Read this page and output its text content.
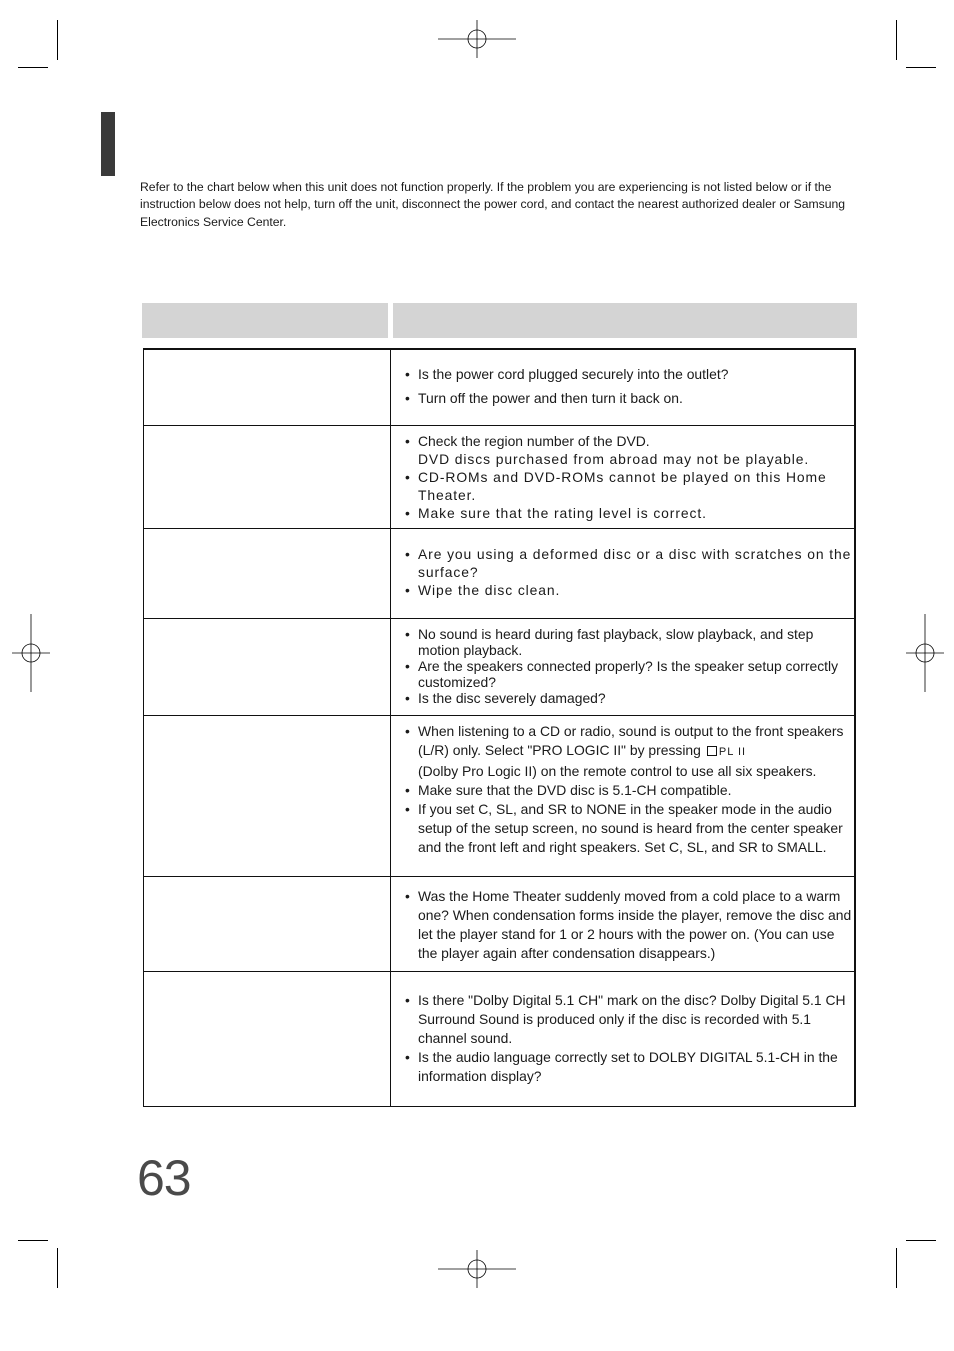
Refer to the chart below when this unit does not function properly. If the problem you are experiencing is not listed below or if the instruction below does not help, turn off the unit, disconnect the power cord, and contact the nearest authorized dealer or Samsung Electronics Service Center.
• Is the power cord plugged securely into the outlet?
• Turn off the power and then turn it back on.
• Check the region number of the DVD.
DVD discs purchased from abroad may not be playable.
• CD-ROMs and DVD-ROMs cannot be played on this Home Theater.
• Make sure that the rating level is correct.
• Are you using a deformed disc or a disc with scratches on the surface?
• Wipe the disc clean.
• No sound is heard during fast playback, slow playback, and step motion playback.
• Are the speakers connected properly? Is the speaker setup correctly customized?
• Is the disc severely damaged?
• When listening to a CD or radio, sound is output to the front speakers (L/R) only. Select "PRO LOGIC II" by pressing PL II
(Dolby Pro Logic II) on the remote control to use all six speakers.
• Make sure that the DVD disc is 5.1-CH compatible.
• If you set C, SL, and SR to NONE in the speaker mode in the audio setup of the setup screen, no sound is heard from the center speaker and the front left and right speakers. Set C, SL, and SR to SMALL.
• Was the Home Theater suddenly moved from a cold place to a warm one? When condensation forms inside the player, remove the disc and let the player stand for 1 or 2 hours with the power on. (You can use the player again after condensation disappears.)
• Is there "Dolby Digital 5.1 CH" mark on the disc? Dolby Digital 5.1 CH Surround Sound is produced only if the disc is recorded with 5.1 channel sound.
• Is the audio language correctly set to DOLBY DIGITAL 5.1-CH in the information display?
63
